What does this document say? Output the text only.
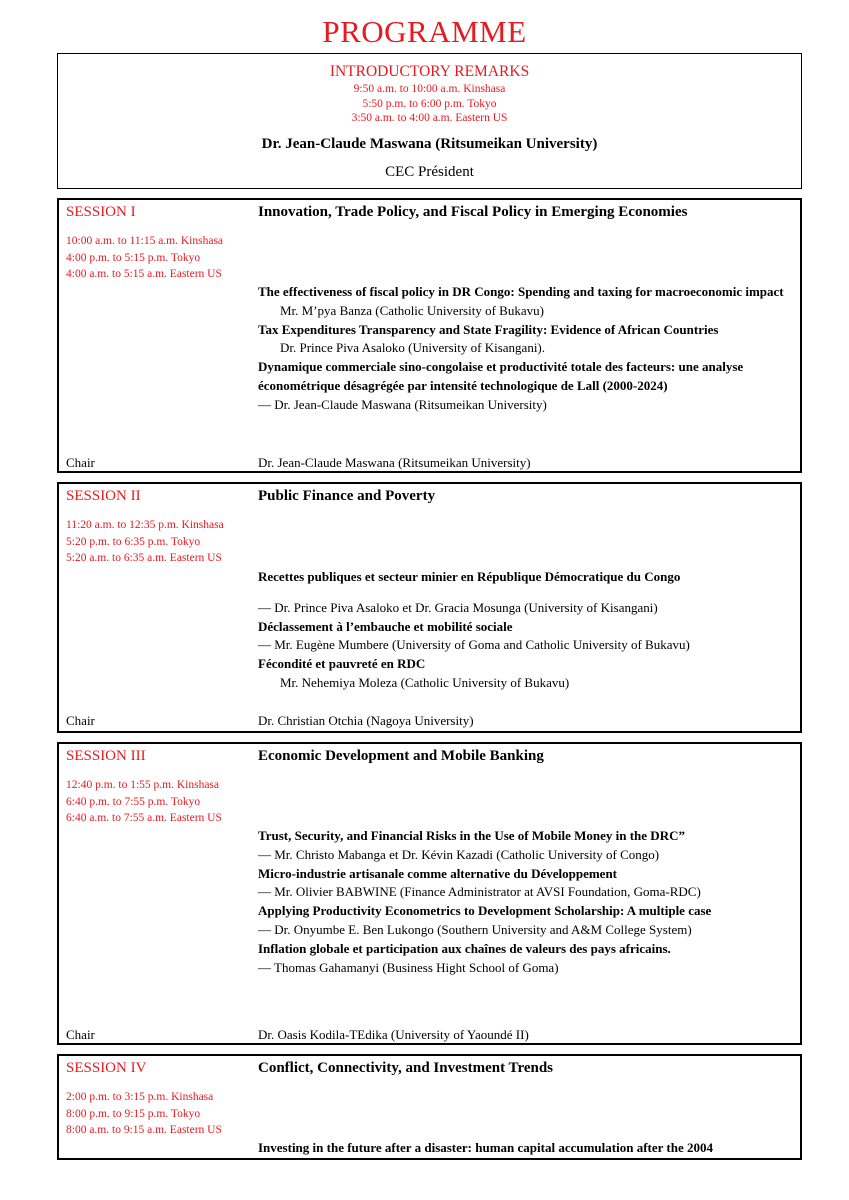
PROGRAMME
INTRODUCTORY REMARKS
9:50 a.m. to 10:00 a.m. Kinshasa
5:50 p.m. to 6:00 p.m. Tokyo
3:50 a.m. to 4:00 a.m. Eastern US
Dr. Jean-Claude Maswana (Ritsumeikan University)
CEC Président
SESSION I
10:00 a.m. to 11:15 a.m. Kinshasa
4:00 p.m. to 5:15 p.m. Tokyo
4:00 a.m. to 5:15 a.m. Eastern US
Innovation, Trade Policy, and Fiscal Policy in Emerging Economies
The effectiveness of fiscal policy in DR Congo: Spending and taxing for macroeconomic impact
Mr. M’pya Banza (Catholic University of Bukavu)
Tax Expenditures Transparency and State Fragility: Evidence of African Countries
Dr. Prince Piva Asaloko (University of Kisangani).
Dynamique commerciale sino-congolaise et productivité totale des facteurs: une analyse économétrique désagrégée par intensité technologique de Lall (2000-2024)
— Dr. Jean-Claude Maswana (Ritsumeikan University)
Chair	Dr. Jean-Claude Maswana (Ritsumeikan University)
SESSION II
11:20 a.m. to 12:35 p.m. Kinshasa
5:20 p.m. to 6:35 p.m. Tokyo
5:20 a.m. to 6:35 a.m. Eastern US
Public Finance and Poverty
Recettes publiques et secteur minier en République Démocratique du Congo
— Dr. Prince Piva Asaloko et Dr. Gracia Mosunga (University of Kisangani)
Déclassement à l’embauche et mobilité sociale
— Mr. Eugène Mumbere (University of Goma and Catholic University of Bukavu)
Fécondité et pauvreté en RDC
Mr. Nehemiya Moleza (Catholic University of Bukavu)
Chair	Dr. Christian Otchia (Nagoya University)
SESSION III
12:40 p.m. to 1:55 p.m. Kinshasa
6:40 p.m. to 7:55 p.m. Tokyo
6:40 a.m. to 7:55 a.m. Eastern US
Economic Development and Mobile Banking
Trust, Security, and Financial Risks in the Use of Mobile Money in the DRC”
— Mr. Christo Mabanga et Dr. Kévin Kazadi (Catholic University of Congo)
Micro-industrie artisanale comme alternative du Développement
— Mr. Olivier BABWINE (Finance Administrator at AVSI Foundation, Goma-RDC)
Applying Productivity Econometrics to Development Scholarship: A multiple case
— Dr. Onyumbe E. Ben Lukongo (Southern University and A&M College System)
Inflation globale et participation aux chaînes de valeurs des pays africains.
— Thomas Gahamanyi (Business Hight School of Goma)
Chair	Dr. Oasis Kodila-TEdika (University of Yaoundé II)
SESSION IV
2:00 p.m. to 3:15 p.m. Kinshasa
8:00 p.m. to 9:15 p.m. Tokyo
8:00 a.m. to 9:15 a.m. Eastern US
Conflict, Connectivity, and Investment Trends
Investing in the future after a disaster: human capital accumulation after the 2004
